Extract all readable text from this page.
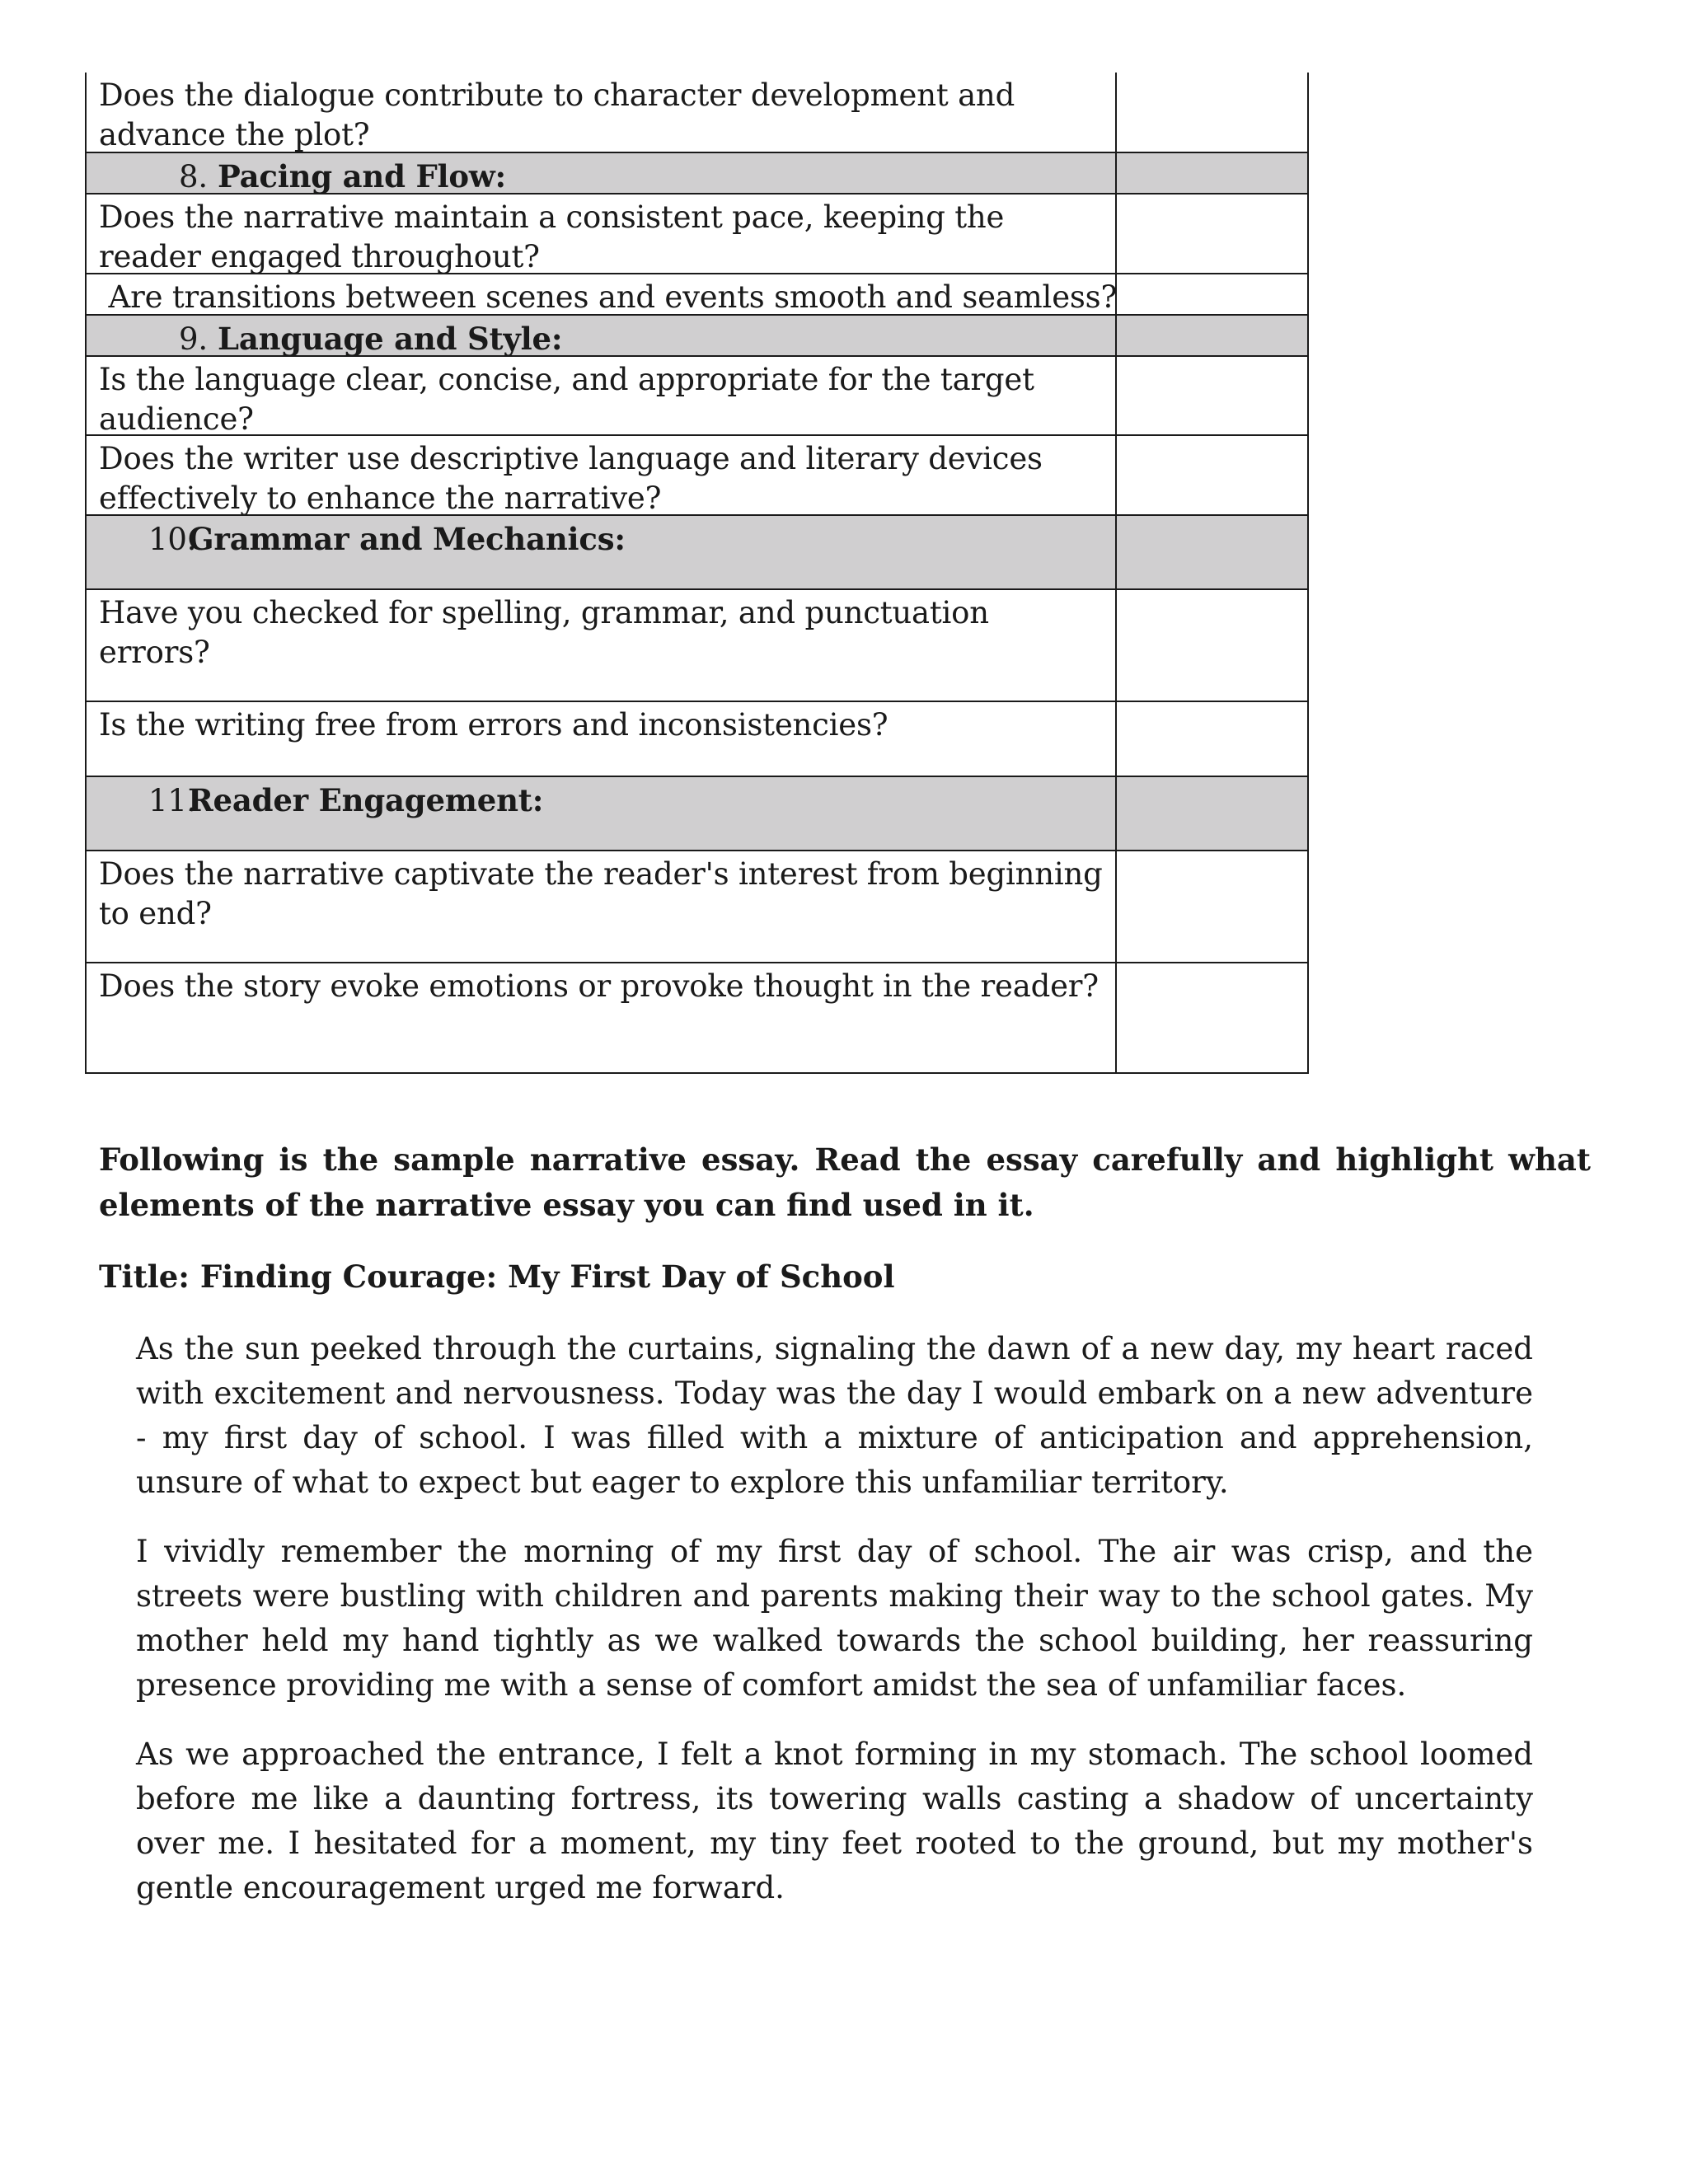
Does the dialogue contribute to character development and advance the plot?
8. Pacing and Flow:
Does the narrative maintain a consistent pace, keeping the reader engaged throughout?
Are transitions between scenes and events smooth and seamless?
9. Language and Style:
Is the language clear, concise, and appropriate for the target audience?
Does the writer use descriptive language and literary devices effectively to enhance the narrative?
10.Grammar and Mechanics:
Have you checked for spelling, grammar, and punctuation errors?
Is the writing free from errors and inconsistencies?
11.Reader Engagement:
Does the narrative captivate the reader's interest from beginning to end?
Does the story evoke emotions or provoke thought in the reader?

Following is the sample narrative essay. Read the essay carefully and highlight what elements of the narrative essay you can find used in it.

Title: Finding Courage: My First Day of School

As the sun peeked through the curtains, signaling the dawn of a new day, my heart raced with excitement and nervousness. Today was the day I would embark on a new adventure - my first day of school. I was filled with a mixture of anticipation and apprehension, unsure of what to expect but eager to explore this unfamiliar territory.

I vividly remember the morning of my first day of school. The air was crisp, and the streets were bustling with children and parents making their way to the school gates. My mother held my hand tightly as we walked towards the school building, her reassuring presence providing me with a sense of comfort amidst the sea of unfamiliar faces.

As we approached the entrance, I felt a knot forming in my stomach. The school loomed before me like a daunting fortress, its towering walls casting a shadow of uncertainty over me. I hesitated for a moment, my tiny feet rooted to the ground, but my mother's gentle encouragement urged me forward.
